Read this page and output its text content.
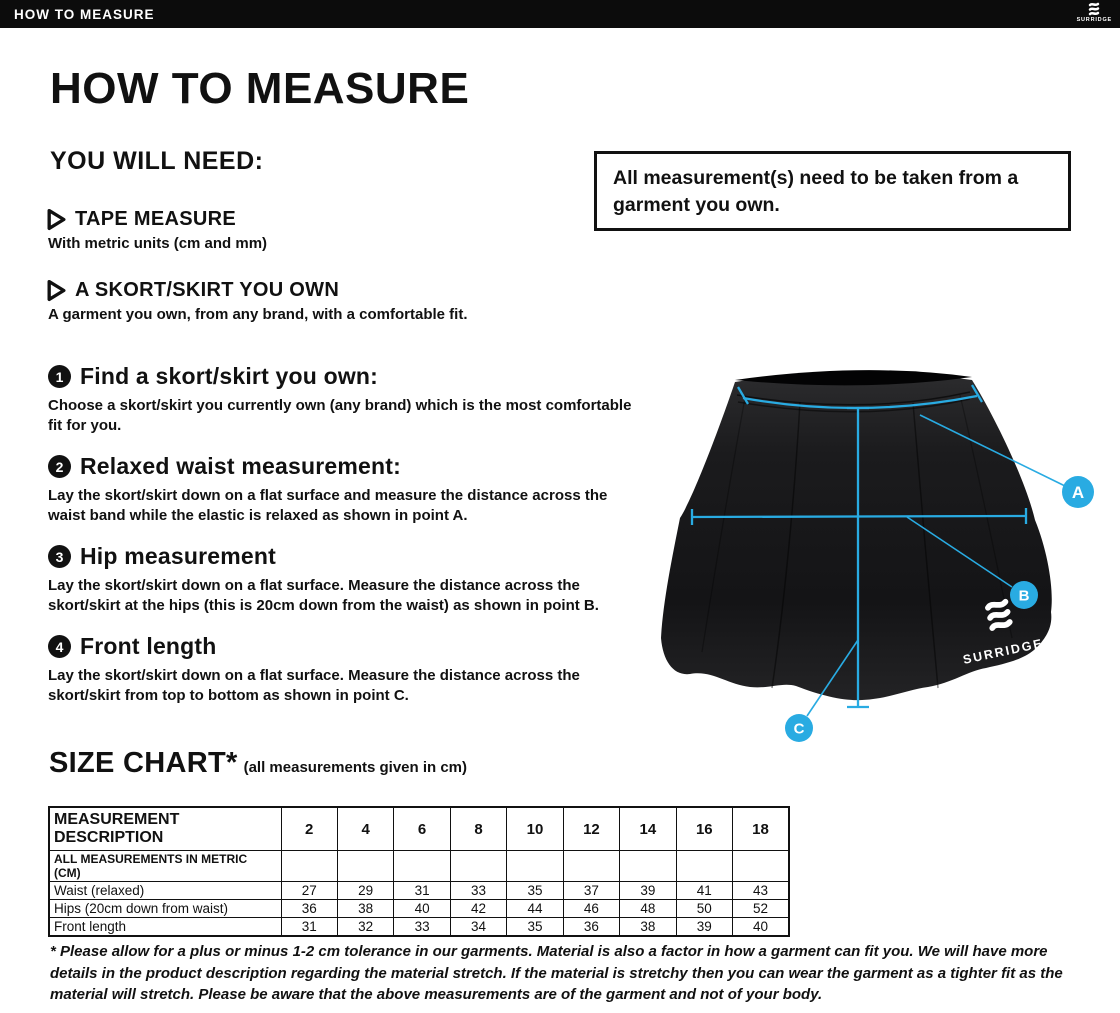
HOW TO MEASURE	SURRIDGE
HOW TO MEASURE
YOU WILL NEED:
TAPE MEASURE
With metric units (cm and mm)
A SKORT/SKIRT YOU OWN
A garment you own, from any brand, with a comfortable fit.
All measurement(s) need to be taken from a garment you own.
1 Find a skort/skirt you own:

Choose a skort/skirt you currently own (any brand) which is the most comfortable fit for you.

2 Relaxed waist measurement:

Lay the skort/skirt down on a flat surface and measure the distance across the waist band while the elastic is relaxed as shown in point A.

3 Hip measurement

Lay the skort/skirt down on a flat surface. Measure the distance across the skort/skirt at the hips (this is 20cm down from the waist) as shown in point B.

4 Front length

Lay the skort/skirt down on a flat surface. Measure the distance across the skort/skirt from top to bottom as shown in point C.

SURRIDGE
A
B
C
SIZE CHART* (all measurements given in cm)
MEASUREMENT DESCRIPTION	2	4	6	8	10	12	14	16	18
ALL MEASUREMENTS IN METRIC (CM)									
Waist (relaxed)	27	29	31	33	35	37	39	41	43
Hips (20cm down from waist)	36	38	40	42	44	46	48	50	52
Front length	31	32	33	34	35	36	38	39	40

* Please allow for a plus or minus 1-2 cm tolerance in our garments. Material is also a factor in how a garment can fit you. We will have more details in the product description regarding the material stretch. If the material is stretchy then you can wear the garment as a tighter fit as the material will stretch. Please be aware that the above measurements are of the garment and not of your body.
